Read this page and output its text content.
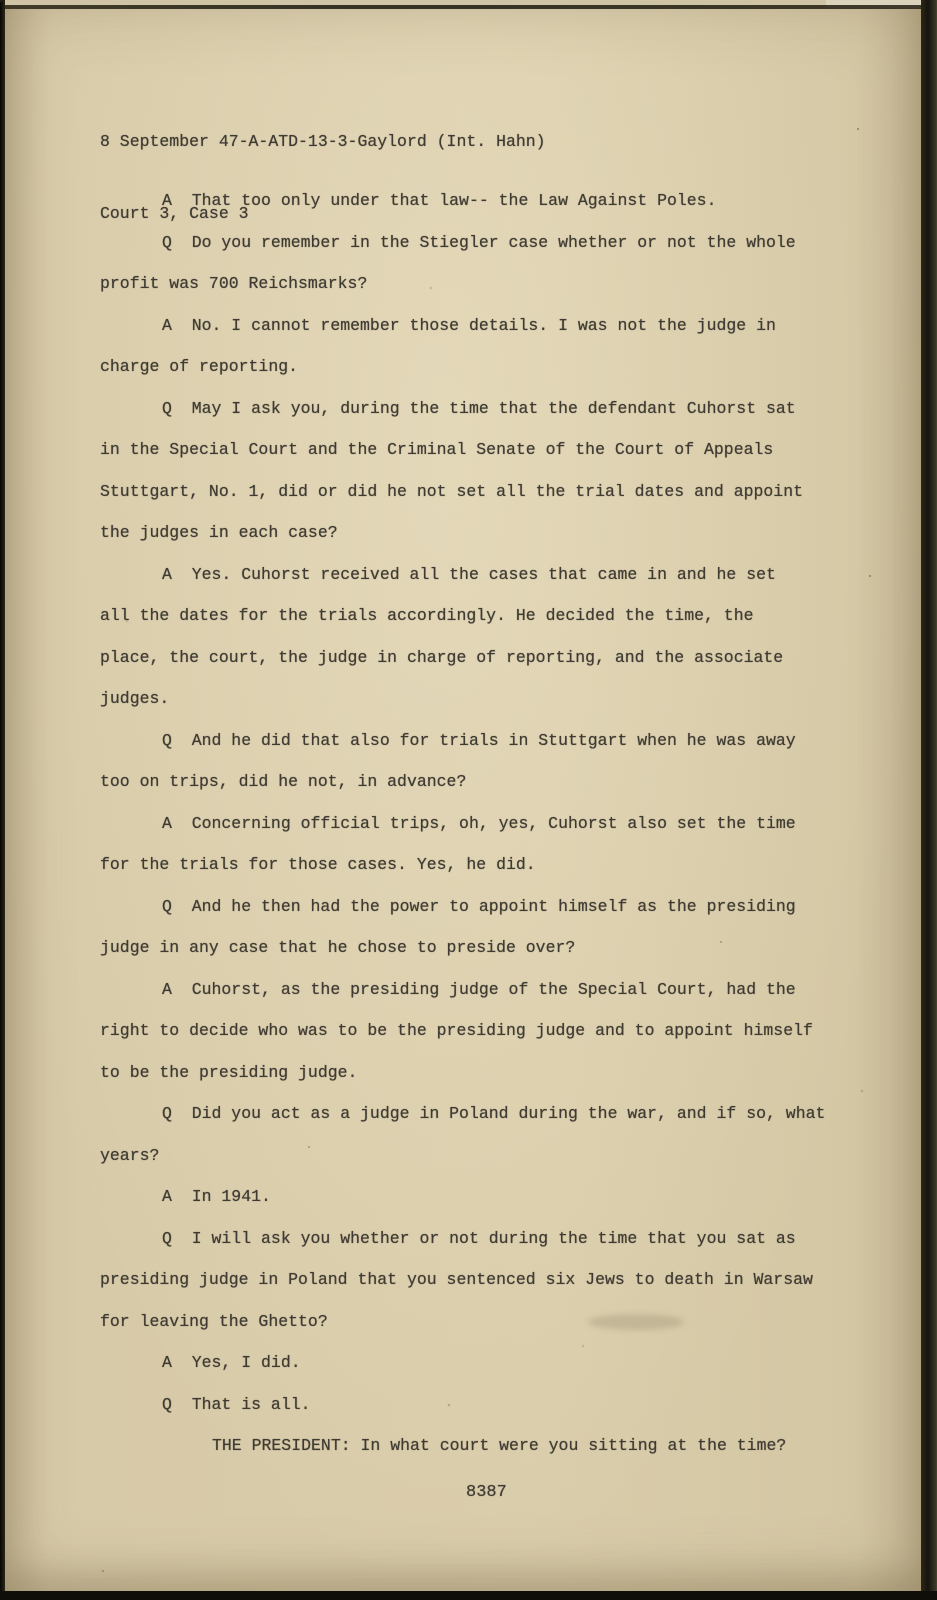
8 September 47-A-ATD-13-3-Gaylord (Int. Hahn)

Court 3, Case 3

A  That too only under that law-- the Law Against Poles.
Q  Do you remember in the Stiegler case whether or not the whole
profit was 700 Reichsmarks?
A  No. I cannot remember those details. I was not the judge in
charge of reporting.
Q  May I ask you, during the time that the defendant Cuhorst sat
in the Special Court and the Criminal Senate of the Court of Appeals
Stuttgart, No. 1, did or did he not set all the trial dates and appoint
the judges in each case?
A  Yes. Cuhorst received all the cases that came in and he set
all the dates for the trials accordingly. He decided the time, the
place, the court, the judge in charge of reporting, and the associate
judges.
Q  And he did that also for trials in Stuttgart when he was away
too on trips, did he not, in advance?
A  Concerning official trips, oh, yes, Cuhorst also set the time
for the trials for those cases. Yes, he did.
Q  And he then had the power to appoint himself as the presiding
judge in any case that he chose to preside over?
A  Cuhorst, as the presiding judge of the Special Court, had the
right to decide who was to be the presiding judge and to appoint himself
to be the presiding judge.
Q  Did you act as a judge in Poland during the war, and if so, what
years?
A  In 1941.
Q  I will ask you whether or not during the time that you sat as
presiding judge in Poland that you sentenced six Jews to death in Warsaw
for leaving the Ghetto?
A  Yes, I did.
Q  That is all.
THE PRESIDENT: In what court were you sitting at the time?
8387
